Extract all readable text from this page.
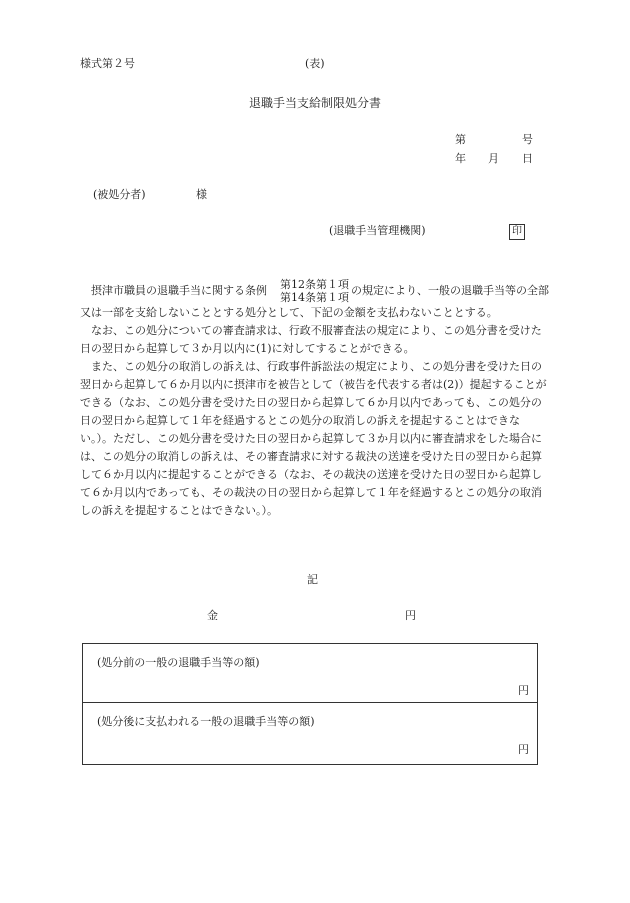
様式第２号	(表)
退職手当支給制限処分書
第	号
年 月 日
(被処分者)	様
(退職手当管理機関)	印

摂津市職員の退職手当に関する条例	第12条第１項
第14条第１項
の規定により、一般の退職手当等の全部又は一部を支給しないこととする処分として、下記の金額を支払わないこととする。

なお、この処分についての審査請求は、行政不服審査法の規定により、この処分書を受けた日の翌日から起算して３か月以内に(1)に対してすることができる。

また、この処分の取消しの訴えは、行政事件訴訟法の規定により、この処分書を受けた日の翌日から起算して６か月以内に摂津市を被告として（被告を代表する者は(2)）提起することができる（なお、この処分書を受けた日の翌日から起算して６か月以内であっても、この処分の日の翌日から起算して１年を経過するとこの処分の取消しの訴えを提起することはできない。）。ただし、この処分書を受けた日の翌日から起算して３か月以内に審査請求をした場合には、この処分の取消しの訴えは、その審査請求に対する裁決の送達を受けた日の翌日から起算して６か月以内に提起することができる（なお、その裁決の送達を受けた日の翌日から起算して６か月以内であっても、その裁決の日の翌日から起算して１年を経過するとこの処分の取消しの訴えを提起することはできない。）。

記
金	円
(処分前の一般の退職手当等の額)
円
(処分後に支払われる一般の退職手当等の額)
円
